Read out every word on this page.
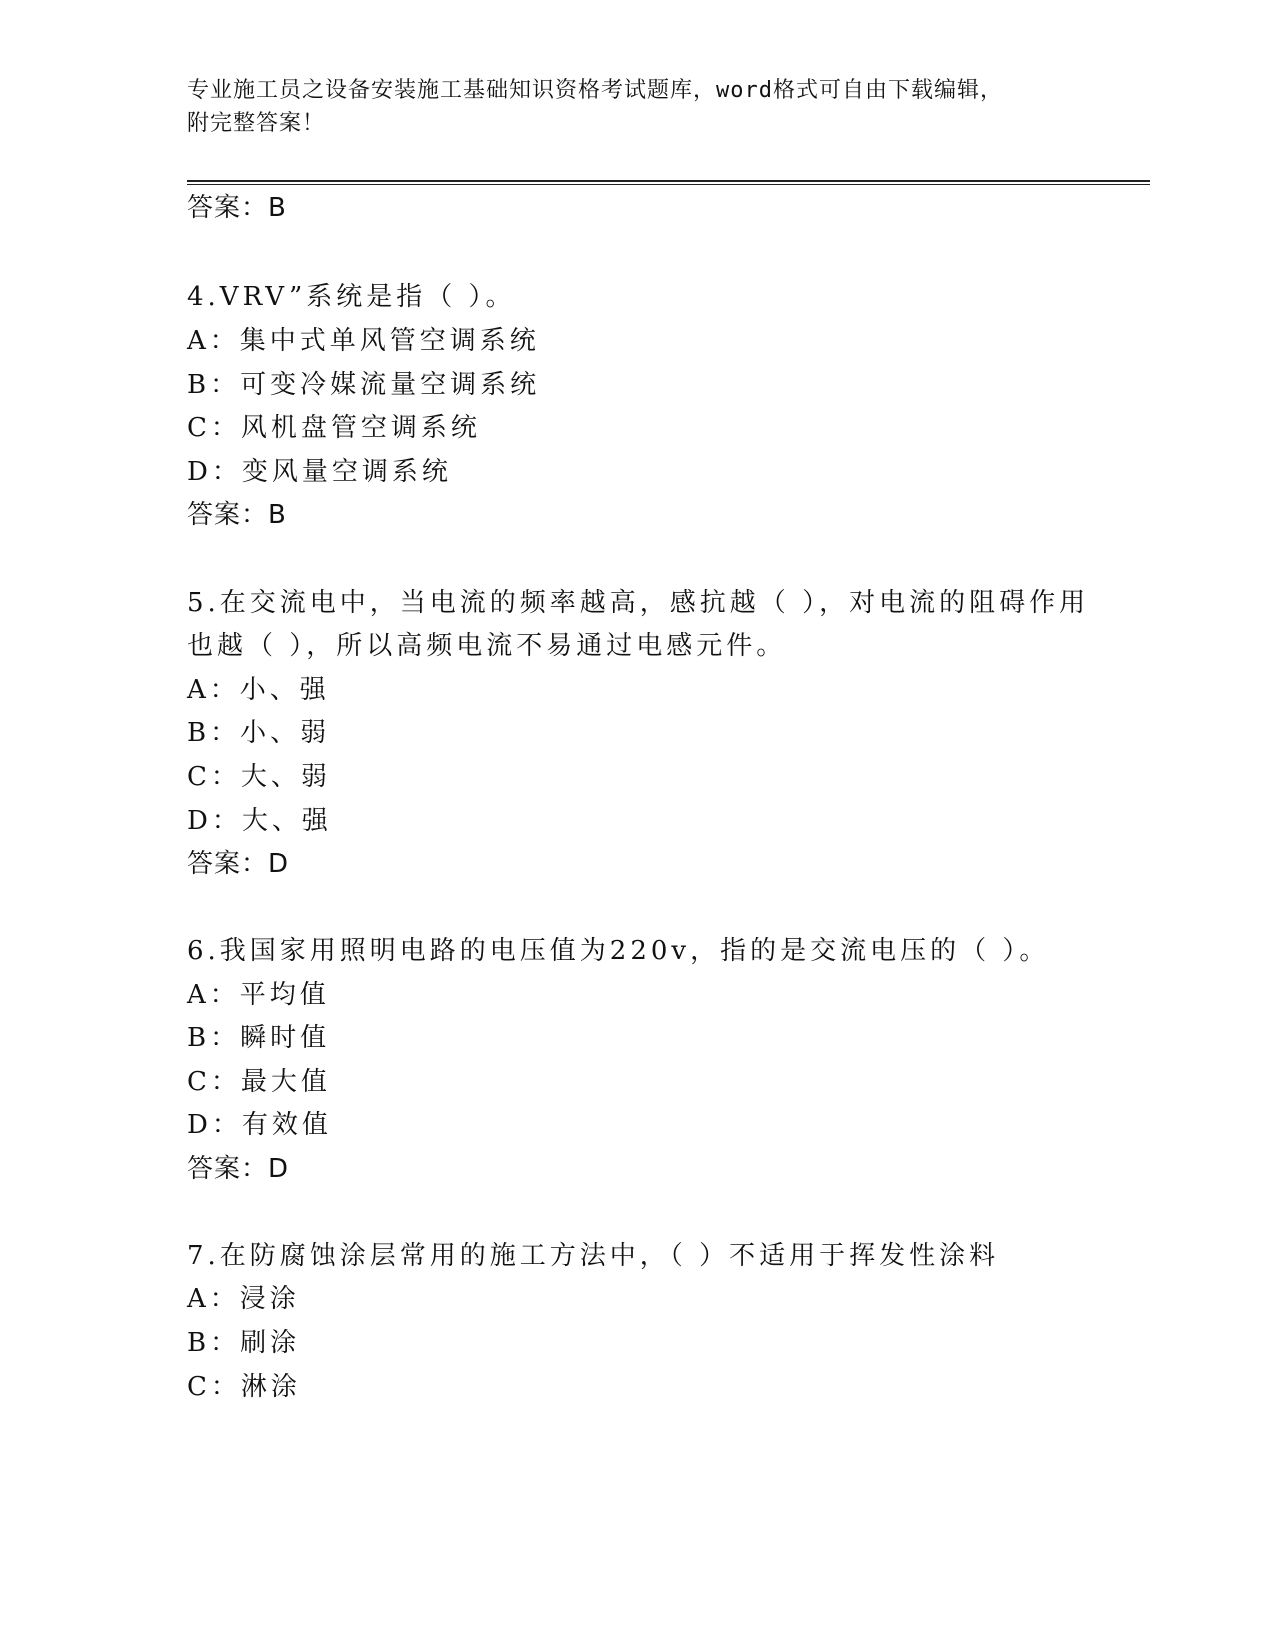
专业施工员之设备安装施工基础知识资格考试题库，word格式可自由下载编辑，
附完整答案！
答案：B
4.VRV”系统是指（ ）。
A：集中式单风管空调系统
B：可变冷媒流量空调系统
C：风机盘管空调系统
D：变风量空调系统
答案：B
5.在交流电中，当电流的频率越高，感抗越（ ），对电流的阻碍作用
也越（ ），所以高频电流不易通过电感元件。
A：小、强
B：小、弱
C：大、弱
D：大、强
答案：D
6.我国家用照明电路的电压值为220v，指的是交流电压的（ ）。
A：平均值
B：瞬时值
C：最大值
D：有效值
答案：D
7.在防腐蚀涂层常用的施工方法中，（ ）不适用于挥发性涂料
A：浸涂
B：刷涂
C：淋涂
